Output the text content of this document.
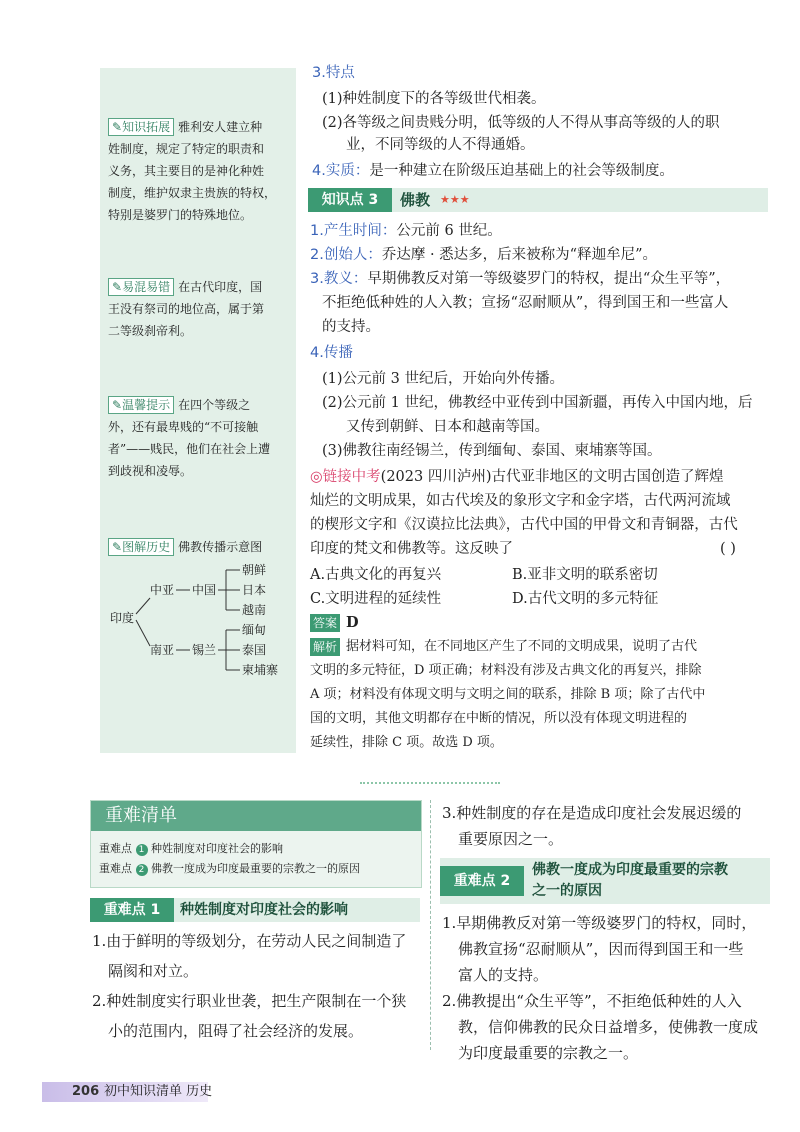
✎知识拓展 雅利安人建立种
姓制度，规定了特定的职责和
义务，其主要目的是神化种姓
制度，维护奴隶主贵族的特权，
特别是婆罗门的特殊地位。
✎易混易错 在古代印度，国
王没有祭司的地位高，属于第
二等级刹帝利。
✎温馨提示 在四个等级之
外，还有最卑贱的“不可接触
者”——贱民，他们在社会上遭
到歧视和凌辱。
✎图解历史 佛教传播示意图
印度
中亚 中国
朝鲜
日本
越南
南亚 锡兰
缅甸
泰国
柬埔寨
3.特点
(1)种姓制度下的各等级世代相袭。
(2)各等级之间贵贱分明，低等级的人不得从事高等级的人的职
业，不同等级的人不得通婚。
4.实质：是一种建立在阶级压迫基础上的社会等级制度。
知识点 3	佛教 ★★★
1.产生时间：公元前 6 世纪。
2.创始人：乔达摩 · 悉达多，后来被称为“释迦牟尼”。
3.教义：早期佛教反对第一等级婆罗门的特权，提出“众生平等”，
不拒绝低种姓的人入教；宣扬“忍耐顺从”，得到国王和一些富人
的支持。
4.传播
(1)公元前 3 世纪后，开始向外传播。
(2)公元前 1 世纪，佛教经中亚传到中国新疆，再传入中国内地，后
又传到朝鲜、日本和越南等国。
(3)佛教往南经锡兰，传到缅甸、泰国、柬埔寨等国。
◎链接中考(2023 四川泸州)古代亚非地区的文明古国创造了辉煌
灿烂的文明成果，如古代埃及的象形文字和金字塔，古代两河流域
的楔形文字和《汉谟拉比法典》，古代中国的甲骨文和青铜器，古代
印度的梵文和佛教等。这反映了	( )
A.古典文化的再复兴	B.亚非文明的联系密切
C.文明进程的延续性	D.古代文明的多元特征
答案 D
解析 据材料可知，在不同地区产生了不同的文明成果，说明了古代
文明的多元特征，D 项正确；材料没有涉及古典文化的再复兴，排除
A 项；材料没有体现文明与文明之间的联系，排除 B 项；除了古代中
国的文明，其他文明都存在中断的情况，所以没有体现文明进程的
延续性，排除 C 项。故选 D 项。
重难清单
重难点 1 种姓制度对印度社会的影响
重难点 2 佛教一度成为印度最重要的宗教之一的原因
重难点 1	种姓制度对印度社会的影响
1.由于鲜明的等级划分，在劳动人民之间制造了
隔阂和对立。
2.种姓制度实行职业世袭，把生产限制在一个狭
小的范围内，阻碍了社会经济的发展。
3.种姓制度的存在是造成印度社会发展迟缓的
重要原因之一。
重难点 2
佛教一度成为印度最重要的宗教
之一的原因
1.早期佛教反对第一等级婆罗门的特权，同时，
佛教宣扬“忍耐顺从”，因而得到国王和一些
富人的支持。
2.佛教提出“众生平等”，不拒绝低种姓的人入
教，信仰佛教的民众日益增多，使佛教一度成
为印度最重要的宗教之一。
206 初中知识清单 历史
